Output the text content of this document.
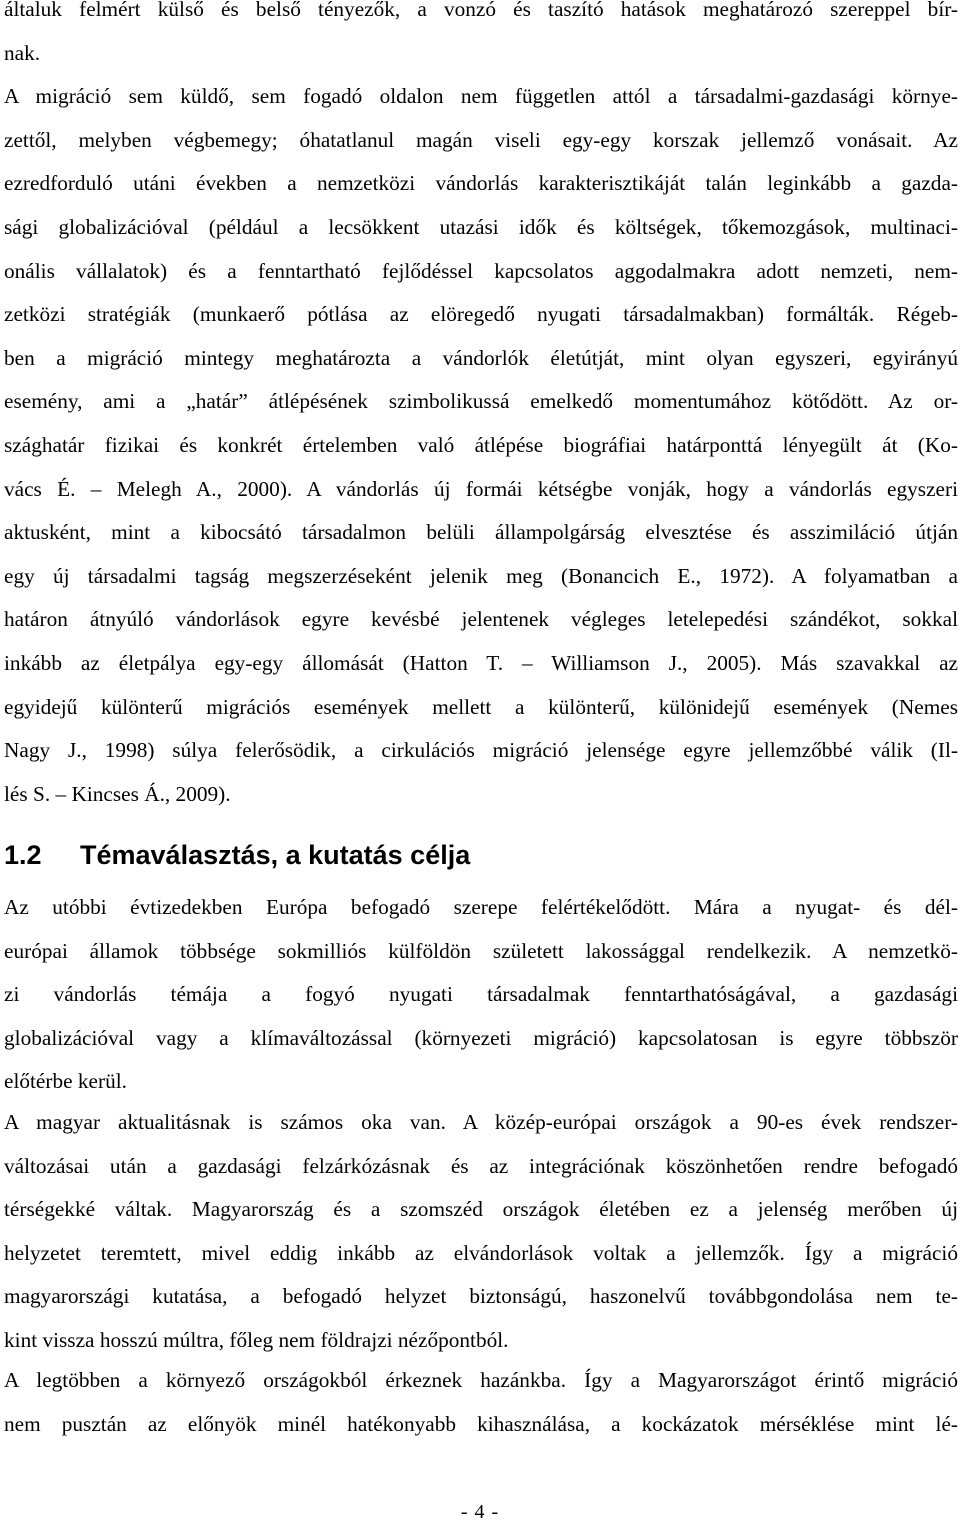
általuk felmért külső és belső tényezők, a vonzó és taszító hatások meghatározó szereppel bír-
nak.
A migráció sem küldő, sem fogadó oldalon nem független attól a társadalmi-gazdasági környe-
zettől, melyben végbemegy; óhatatlanul magán viseli egy-egy korszak jellemző vonásait. Az
ezredforduló utáni években a nemzetközi vándorlás karakterisztikáját talán leginkább a gazda-
sági globalizációval (például a lecsökkent utazási idők és költségek, tőkemozgások, multinaci-
onális vállalatok) és a fenntartható fejlődéssel kapcsolatos aggodalmakra adott nemzeti, nem-
zetközi stratégiák (munkaerő pótlása az elöregedő nyugati társadalmakban) formálták. Régeb-
ben a migráció mintegy meghatározta a vándorlók életútját, mint olyan egyszeri, egyirányú
esemény, ami a „határ” átlépésének szimbolikussá emelkedő momentumához kötődött. Az or-
szághatár fizikai és konkrét értelemben való átlépése biográfiai határponttá lényegült át (Ko-
vács É. – Melegh A., 2000). A vándorlás új formái kétségbe vonják, hogy a vándorlás egyszeri
aktusként, mint a kibocsátó társadalmon belüli állampolgárság elvesztése és asszimiláció útján
egy új társadalmi tagság megszerzéseként jelenik meg (Bonancich E., 1972). A folyamatban a
határon átnyúló vándorlások egyre kevésbé jelentenek végleges letelepedési szándékot, sokkal
inkább az életpálya egy-egy állomását (Hatton T. – Williamson J., 2005). Más szavakkal az
egyidejű különterű migrációs események mellett a különterű, különidejű események (Nemes
Nagy J., 1998) súlya felerősödik, a cirkulációs migráció jelensége egyre jellemzőbbé válik (Il-
lés S. – Kincses Á., 2009).
1.2 Témaválasztás, a kutatás célja
Az utóbbi évtizedekben Európa befogadó szerepe felértékelődött. Mára a nyugat- és dél-
európai államok többsége sokmilliós külföldön született lakossággal rendelkezik. A nemzetkö-
zi vándorlás témája a fogyó nyugati társadalmak fenntarthatóságával, a gazdasági
globalizációval vagy a klímaváltozással (környezeti migráció) kapcsolatosan is egyre többször
előtérbe kerül.
A magyar aktualitásnak is számos oka van. A közép-európai országok a 90-es évek rendszer-
változásai után a gazdasági felzárkózásnak és az integrációnak köszönhetően rendre befogadó
térségekké váltak. Magyarország és a szomszéd országok életében ez a jelenség merőben új
helyzetet teremtett, mivel eddig inkább az elvándorlások voltak a jellemzők. Így a migráció
magyarországi kutatása, a befogadó helyzet biztonságú, haszonelvű továbbgondolása nem te-
kint vissza hosszú múltra, főleg nem földrajzi nézőpontból.
A legtöbben a környező országokból érkeznek hazánkba. Így a Magyarországot érintő migráció
nem pusztán az előnyök minél hatékonyabb kihasználása, a kockázatok mérséklése mint lé-
- 4 -
